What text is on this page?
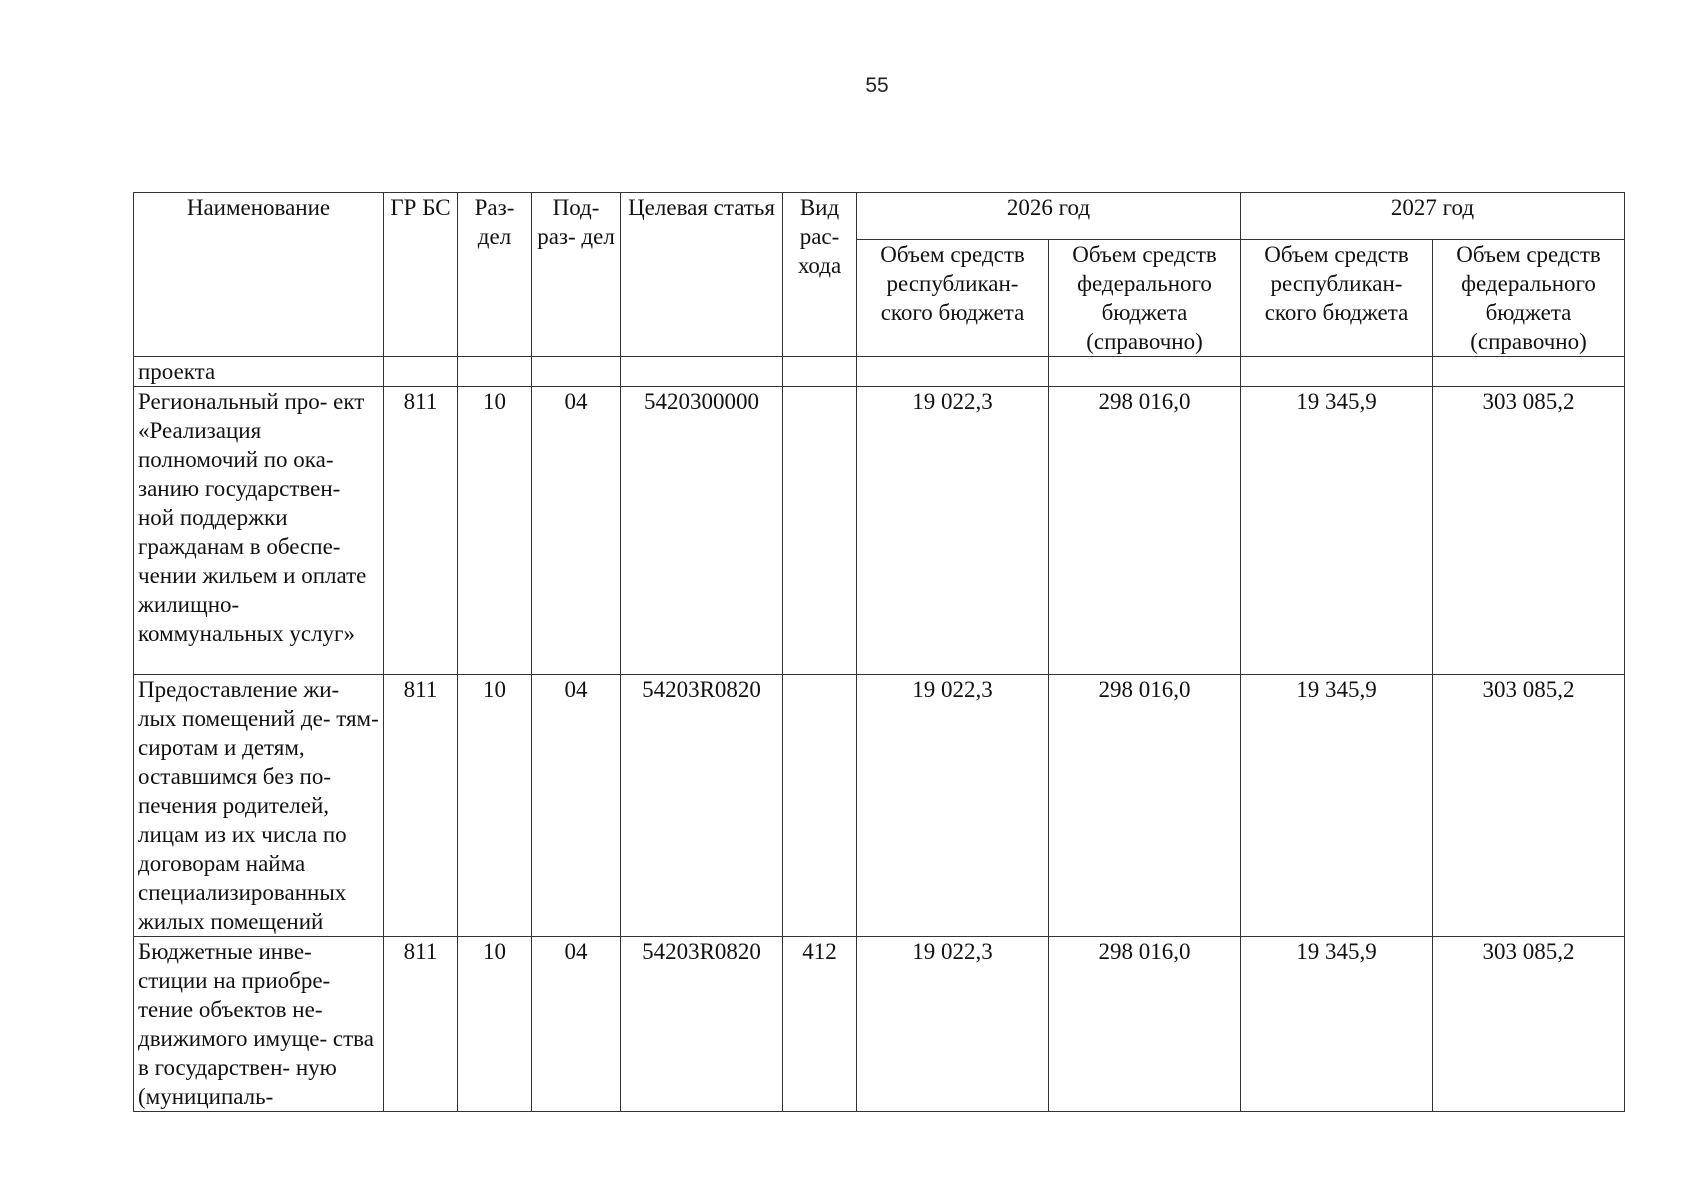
55
Наименование	ГР БС	Раз- дел	Под- раз- дел	Целевая статья	Вид рас- хода	2026 год		2027 год	
						Объем средств республикан- ского бюджета	Объем средств федерального бюджета (справочно)	Объем средств республикан- ского бюджета	Объем средств федерального бюджета (справочно)
проекта									
Региональный про- ект «Реализация полномочий по ока- занию государствен- ной поддержки гражданам в обеспе- чении жильем и оплате жилищно- коммунальных услуг»	811	10	04	5420300000		19 022,3	298 016,0	19 345,9	303 085,2
Предоставление жи- лых помещений де- тям-сиротам и детям, оставшимся без по- печения родителей, лицам из их числа по договорам найма специализированных жилых помещений	811	10	04	54203R0820		19 022,3	298 016,0	19 345,9	303 085,2
Бюджетные инве- стиции на приобре- тение объектов не- движимого имуще- ства в государствен- ную (муниципаль-	811	10	04	54203R0820	412	19 022,3	298 016,0	19 345,9	303 085,2
